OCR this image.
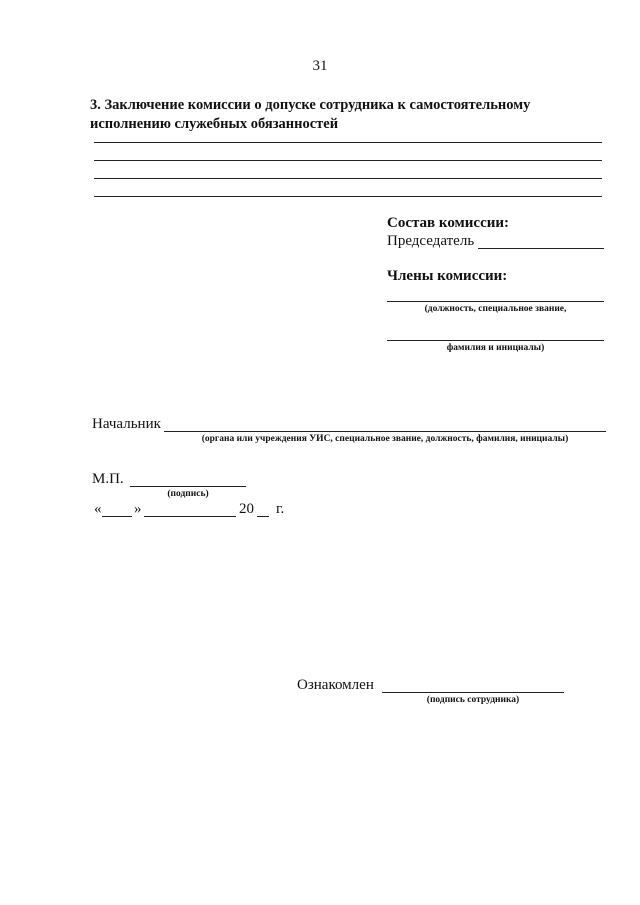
31
3. Заключение комиссии о допуске сотрудника к самостоятельному
исполнению служебных обязанностей
Состав комиссии:
Председатель
Члены комиссии:
(должность, специальное звание,
фамилия и инициалы)
Начальник
(органа или учреждения УИС, специальное звание, должность, фамилия, инициалы)
М.П.
(подпись)
« »	20 г.
Ознакомлен
(подпись сотрудника)
